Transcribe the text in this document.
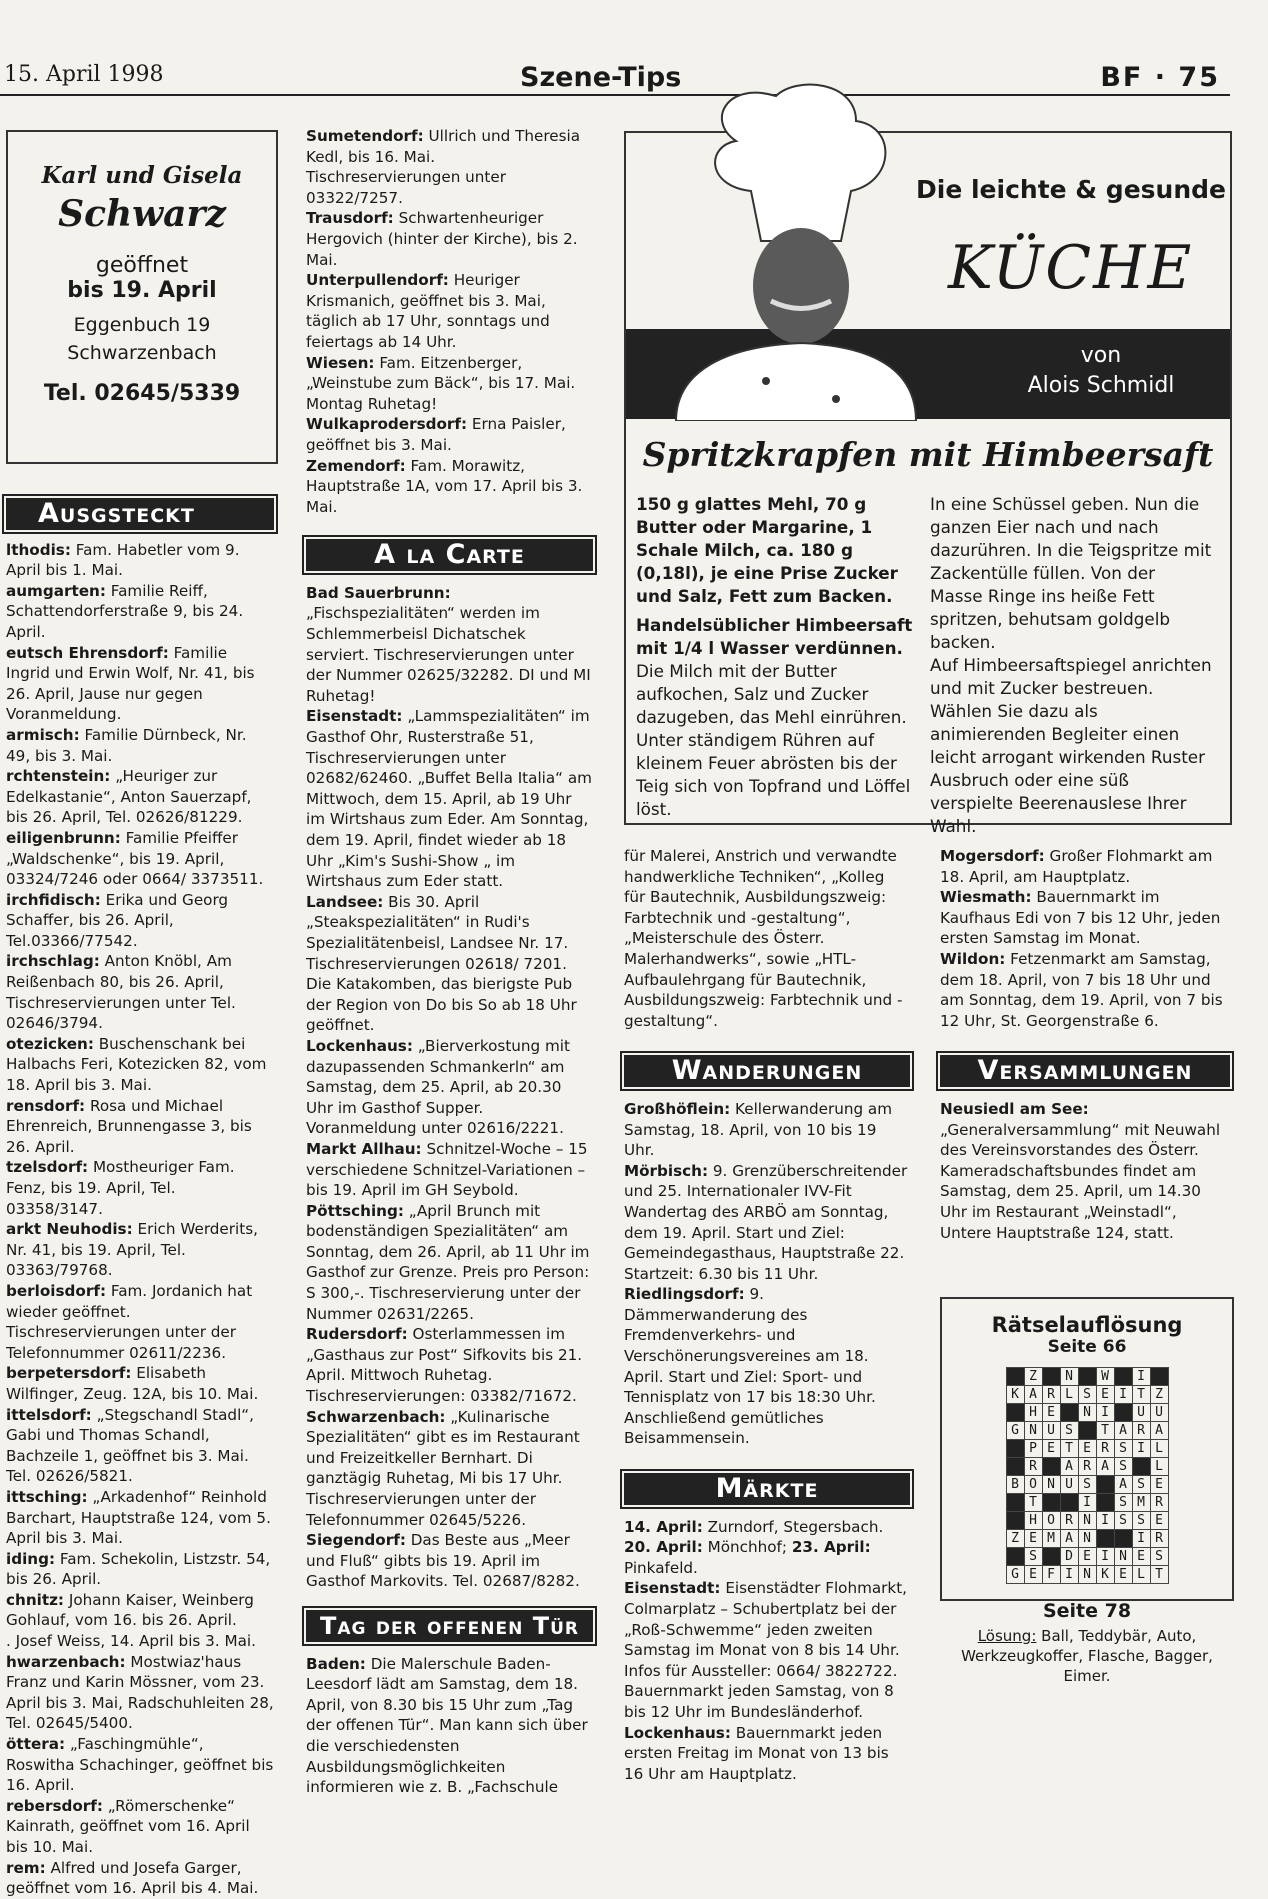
15. April 1998	Szene-Tips	BF · 75
Karl und Gisela
Schwarz
geöffnet
bis 19. April
Eggenbuch 19
Schwarzenbach
Tel. 02645/5339
Ausgsteckt

lthodis: Fam. Habetler vom 9. April bis 1. Mai.

aumgarten: Familie Reiff, Schattendorferstraße 9, bis 24. April.

eutsch Ehrensdorf: Familie Ingrid und Erwin Wolf, Nr. 41, bis 26. April, Jause nur gegen Voranmeldung.

armisch: Familie Dürnbeck, Nr. 49, bis 3. Mai.

rchtenstein: „Heuriger zur Edelkastanie“, Anton Sauerzapf, bis 26. April, Tel. 02626/81229.

eiligenbrunn: Familie Pfeiffer „Waldschenke“, bis 19. April, 03324/7246 oder 0664/ 3373511.

irchfidisch: Erika und Georg Schaffer, bis 26. April, Tel.03366/77542.

irchschlag: Anton Knöbl, Am Reißenbach 80, bis 26. April, Tischreservierungen unter Tel. 02646/3794.

otezicken: Buschenschank bei Halbachs Feri, Kotezicken 82, vom 18. April bis 3. Mai.

rensdorf: Rosa und Michael Ehrenreich, Brunnengasse 3, bis 26. April.

tzelsdorf: Mostheuriger Fam. Fenz, bis 19. April, Tel. 03358/3147.

arkt Neuhodis: Erich Werderits, Nr. 41, bis 19. April, Tel. 03363/79768.

berloisdorf: Fam. Jordanich hat wieder geöffnet. Tischreservierungen unter der Telefonnummer 02611/2236.

berpetersdorf: Elisabeth Wilfinger, Zeug. 12A, bis 10. Mai.

ittelsdorf: „Stegschandl Stadl“, Gabi und Thomas Schandl, Bachzeile 1, geöffnet bis 3. Mai. Tel. 02626/5821.

ittsching: „Arkadenhof“ Reinhold Barchart, Hauptstraße 124, vom 5. April bis 3. Mai.

iding: Fam. Schekolin, Listzstr. 54, bis 26. April.

chnitz: Johann Kaiser, Weinberg Gohlauf, vom 16. bis 26. April.

. Josef Weiss, 14. April bis 3. Mai.

hwarzenbach: Mostwiaz'haus Franz und Karin Mössner, vom 23. April bis 3. Mai, Radschuhleiten 28, Tel. 02645/5400.

öttera: „Faschingmühle“, Roswitha Schachinger, geöffnet bis 16. April.

rebersdorf: „Römerschenke“ Kainrath, geöffnet vom 16. April bis 10. Mai.

rem: Alfred und Josefa Garger, geöffnet vom 16. April bis 4. Mai.

Sumetendorf: Ullrich und Theresia Kedl, bis 16. Mai. Tischreservierungen unter 03322/7257.

Trausdorf: Schwartenheuriger Hergovich (hinter der Kirche), bis 2. Mai.

Unterpullendorf: Heuriger Krismanich, geöffnet bis 3. Mai, täglich ab 17 Uhr, sonntags und feiertags ab 14 Uhr.

Wiesen: Fam. Eitzenberger, „Weinstube zum Bäck“, bis 17. Mai. Montag Ruhetag!

Wulkaprodersdorf: Erna Paisler, geöffnet bis 3. Mai.

Zemendorf: Fam. Morawitz, Hauptstraße 1A, vom 17. April bis 3. Mai.

A la Carte

Bad Sauerbrunn: „Fischspezialitäten“ werden im Schlemmerbeisl Dichatschek serviert. Tischreservierungen unter der Nummer 02625/32282. DI und MI Ruhetag!

Eisenstadt: „Lammspezialitäten“ im Gasthof Ohr, Rusterstraße 51, Tischreservierungen unter 02682/62460. „Buffet Bella Italia“ am Mittwoch, dem 15. April, ab 19 Uhr im Wirtshaus zum Eder. Am Sonntag, dem 19. April, findet wieder ab 18 Uhr „Kim's Sushi-Show „ im Wirtshaus zum Eder statt.

Landsee: Bis 30. April „Steakspezialitäten“ in Rudi's Spezialitätenbeisl, Landsee Nr. 17. Tischreservierungen 02618/ 7201. Die Katakomben, das bierigste Pub der Region von Do bis So ab 18 Uhr geöffnet.

Lockenhaus: „Bierverkostung mit dazupassenden Schmankerln“ am Samstag, dem 25. April, ab 20.30 Uhr im Gasthof Supper. Voranmeldung unter 02616/2221.

Markt Allhau: Schnitzel-Woche – 15 verschiedene Schnitzel-Variationen – bis 19. April im GH Seybold.

Pöttsching: „April Brunch mit bodenständigen Spezialitäten“ am Sonntag, dem 26. April, ab 11 Uhr im Gasthof zur Grenze. Preis pro Person: S 300,-. Tischreservierung unter der Nummer 02631/2265.

Rudersdorf: Osterlammessen im „Gasthaus zur Post“ Sifkovits bis 21. April. Mittwoch Ruhetag. Tischreservierungen: 03382/71672.

Schwarzenbach: „Kulinarische Spezialitäten“ gibt es im Restaurant und Freizeitkeller Bernhart. Di ganztägig Ruhetag, Mi bis 17 Uhr. Tischreservierungen unter der Telefonnummer 02645/5226.

Siegendorf: Das Beste aus „Meer und Fluß“ gibts bis 19. April im Gasthof Markovits. Tel. 02687/8282.

Tag der offenen Tür

Baden: Die Malerschule Baden-Leesdorf lädt am Samstag, dem 18. April, von 8.30 bis 15 Uhr zum „Tag der offenen Tür“. Man kann sich über die verschiedensten Ausbildungsmöglichkeiten informieren wie z. B. „Fachschule

Die leichte & gesunde
KÜCHE
von
Alois Schmidl
Spritzkrapfen mit Himbeersaft

150 g glattes Mehl, 70 g Butter oder Margarine, 1 Schale Milch, ca. 180 g (0,18l), je eine Prise Zucker und Salz, Fett zum Backen.

Handelsüblicher Himbeersaft mit 1/4 l Wasser verdünnen.

Die Milch mit der Butter aufkochen, Salz und Zucker dazugeben, das Mehl einrühren. Unter ständigem Rühren auf kleinem Feuer abrösten bis der Teig sich von Topfrand und Löffel löst.

In eine Schüssel geben. Nun die ganzen Eier nach und nach dazurühren. In die Teigspritze mit Zackentülle füllen. Von der Masse Ringe ins heiße Fett spritzen, behutsam goldgelb backen.

Auf Himbeersaftspiegel anrichten und mit Zucker bestreuen. Wählen Sie dazu als animierenden Begleiter einen leicht arrogant wirkenden Ruster Ausbruch oder eine süß verspielte Beerenauslese Ihrer Wahl.

für Malerei, Anstrich und verwandte handwerkliche Techniken“, „Kolleg für Bautechnik, Ausbildungszweig: Farbtechnik und -gestaltung“, „Meisterschule des Österr. Malerhandwerks“, sowie „HTL-Aufbaulehrgang für Bautechnik, Ausbildungszweig: Farbtechnik und -gestaltung“.

Wanderungen

Großhöflein: Kellerwanderung am Samstag, 18. April, von 10 bis 19 Uhr.

Mörbisch: 9. Grenzüberschreitender und 25. Internationaler IVV-Fit Wandertag des ARBÖ am Sonntag, dem 19. April. Start und Ziel: Gemeindegasthaus, Hauptstraße 22. Startzeit: 6.30 bis 11 Uhr.

Riedlingsdorf: 9. Dämmerwanderung des Fremdenverkehrs- und Verschönerungsvereines am 18. April. Start und Ziel: Sport- und Tennisplatz von 17 bis 18:30 Uhr. Anschließend gemütliches Beisammensein.

Märkte

14. April: Zurndorf, Stegersbach.

20. April: Mönchhof; 23. April: Pinkafeld.

Eisenstadt: Eisenstädter Flohmarkt, Colmarplatz – Schubertplatz bei der „Roß-Schwemme“ jeden zweiten Samstag im Monat von 8 bis 14 Uhr. Infos für Aussteller: 0664/ 3822722. Bauernmarkt jeden Samstag, von 8 bis 12 Uhr im Bundesländerhof.

Lockenhaus: Bauernmarkt jeden ersten Freitag im Monat von 13 bis 16 Uhr am Hauptplatz.

Mogersdorf: Großer Flohmarkt am 18. April, am Hauptplatz.

Wiesmath: Bauernmarkt im Kaufhaus Edi von 7 bis 12 Uhr, jeden ersten Samstag im Monat.

Wildon: Fetzenmarkt am Samstag, dem 18. April, von 7 bis 18 Uhr und am Sonntag, dem 19. April, von 7 bis 12 Uhr, St. Georgenstraße 6.

Versammlungen

Neusiedl am See: „Generalversammlung“ mit Neuwahl des Vereinsvorstandes des Österr. Kameradschaftsbundes findet am Samstag, dem 25. April, um 14.30 Uhr im Restaurant „Weinstadl“, Untere Hauptstraße 124, statt.

Rätselauflösung
Seite 66
	Z		N		W		I	
K	A	R	L	S	E	I	T	Z
	H	E		N	I		U	U
G	N	U	S		T	A	R	A
	P	E	T	E	R	S	I	L
	R		A	R	A	S		L
B	O	N	U	S		A	S	E
	T			I		S	M	R
	H	O	R	N	I	S	S	E
Z	E	M	A	N			I	R
	S		D	E	I	N	E	S
G	E	F	I	N	K	E	L	T
Seite 78
Lösung: Ball, Teddybär, Auto, Werkzeugkoffer, Flasche, Bagger, Eimer.
